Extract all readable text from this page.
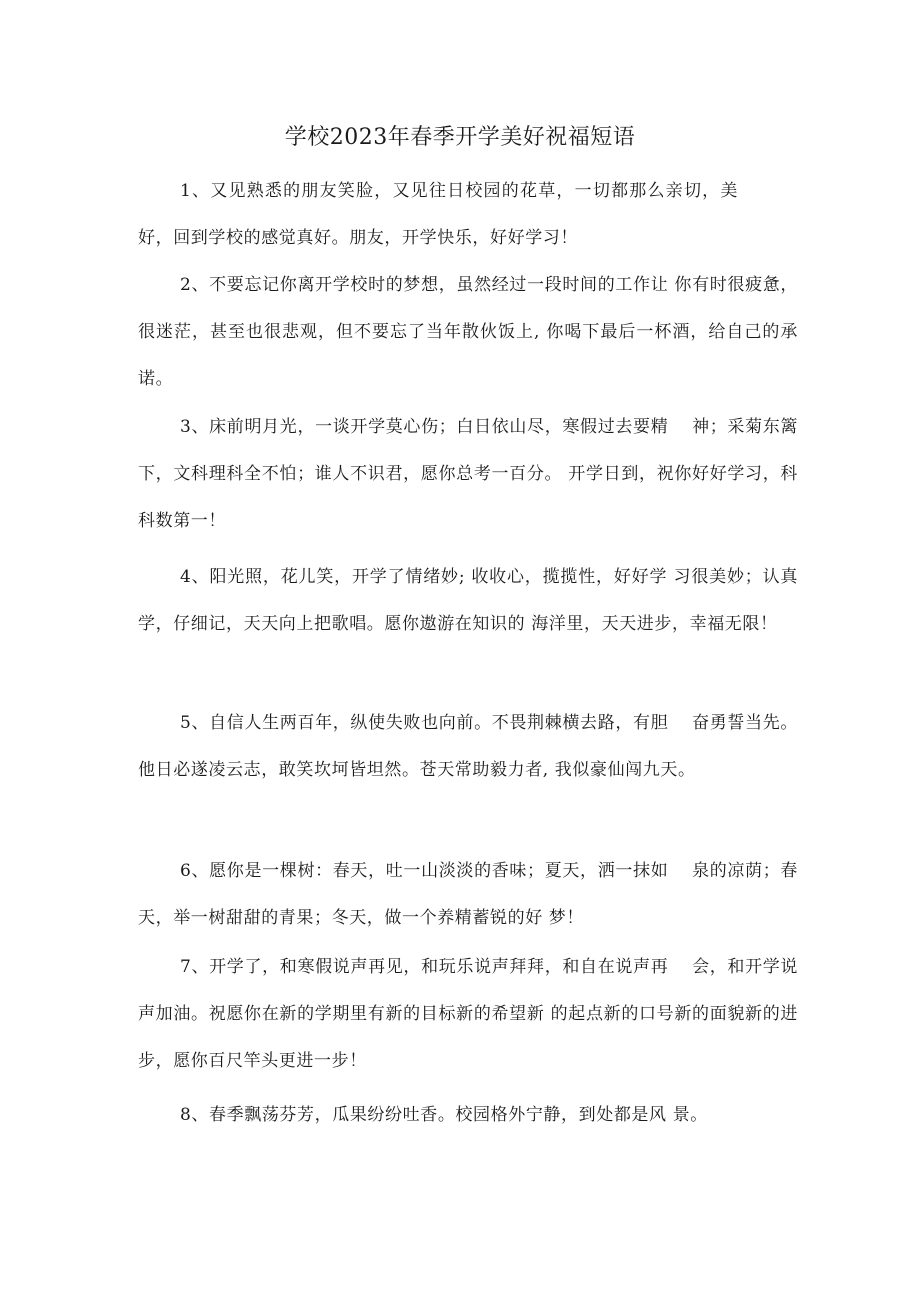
学校2023年春季开学美好祝福短语

1、又见熟悉的朋友笑脸，又见往日校园的花草，一切都那么亲切，美好，回到学校的感觉真好。朋友，开学快乐，好好学习！

2、不要忘记你离开学校时的梦想，虽然经过一段时间的工作让 你有时很疲惫，很迷茫，甚至也很悲观，但不要忘了当年散伙饭上, 你喝下最后一杯酒，给自己的承诺。

3、床前明月光，一谈开学莫心伤；白日依山尽，寒假过去要精　 神；采菊东篱下，文科理科全不怕；谁人不识君，愿你总考一百分。 开学日到，祝你好好学习，科科数第一！

4、阳光照，花儿笑，开学了情绪妙; 收收心，揽揽性，好好学 习很美妙；认真学，仔细记，天天向上把歌唱。愿你遨游在知识的 海洋里，天天进步，幸福无限！

5、自信人生两百年，纵使失败也向前。不畏荆棘横去路，有胆　 奋勇誓当先。他日必遂凌云志，敢笑坎坷皆坦然。苍天常助毅力者, 我似豪仙闯九天。

6、愿你是一棵树：春天，吐一山淡淡的香味；夏天，洒一抹如　 泉的凉荫；春天，举一树甜甜的青果；冬天，做一个养精蓄锐的好 梦！

7、开学了，和寒假说声再见，和玩乐说声拜拜，和自在说声再　 会，和开学说声加油。祝愿你在新的学期里有新的目标新的希望新 的起点新的口号新的面貌新的进步，愿你百尺竿头更进一步！

8、春季飘荡芬芳，瓜果纷纷吐香。校园格外宁静，到处都是风 景。
